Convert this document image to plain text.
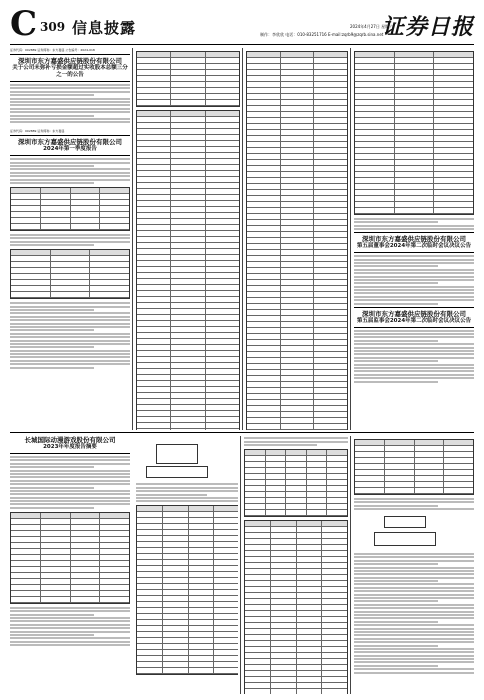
C 309 信息披露	2024年4月27日 星期六
制作：李欣欣 电话：010-83251716 E-mail:zqrb9@zqrb.sina.net
证券日报
证券代码：002889 证券简称：东方嘉盛 公告编号：2024-018
深圳市东方嘉盛供应链股份有限公司
关于公司未弥补亏损金额超过实收股本总额三分之一的公告
证券代码：002889 证券简称：东方嘉盛
深圳市东方嘉盛供应链股份有限公司
2024年第一季度报告
深圳市东方嘉盛供应链股份有限公司
第五届董事会2024年第二次临时会议决议公告
深圳市东方嘉盛供应链股份有限公司
第五届监事会2024年第二次临时会议决议公告
长城国际动漫游戏股份有限公司
2023年年度报告摘要
